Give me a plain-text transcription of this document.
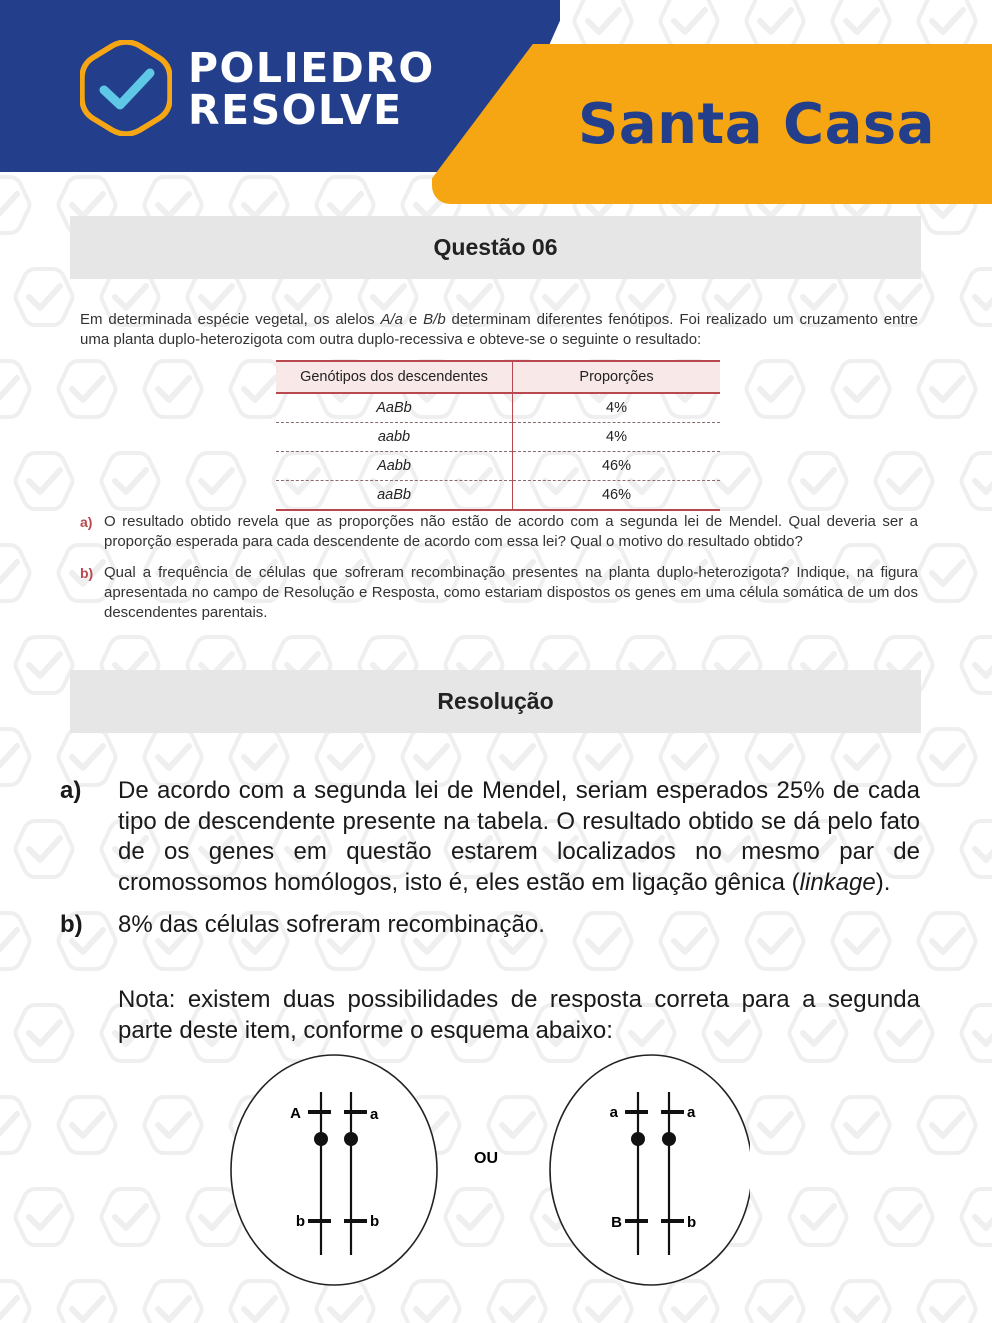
POLIEDRO
RESOLVE	Santa Casa
Questão 06
Em determinada espécie vegetal, os alelos A/a e B/b determinam diferentes fenótipos. Foi realizado um cruzamento entre uma planta duplo-heterozigota com outra duplo-recessiva e obteve-se o seguinte o resultado:
Genótipos dos descendentes	Proporções
AaBb	4%
aabb	4%
Aabb	46%
aaBb	46%
a) O resultado obtido revela que as proporções não estão de acordo com a segunda lei de Mendel. Qual deveria ser a proporção esperada para cada descendente de acordo com essa lei? Qual o motivo do resultado obtido?
b) Qual a frequência de células que sofreram recombinação presentes na planta duplo-heterozigota? Indique, na figura apresentada no campo de Resolução e Resposta, como estariam dispostos os genes em uma célula somática de um dos descendentes parentais.
Resolução
a)	De acordo com a segunda lei de Mendel, seriam esperados 25% de cada tipo de descendente presente na tabela. O resultado obtido se dá pelo fato de os genes em questão estarem localizados no mesmo par de cromossomos homólogos, isto é, eles estão em ligação gênica (linkage).
b)	8% das células sofreram recombinação.
Nota: existem duas possibilidades de resposta correta para a segunda parte deste item, conforme o esquema abaixo:
A	a
b	b
OU
a	a
B	b
